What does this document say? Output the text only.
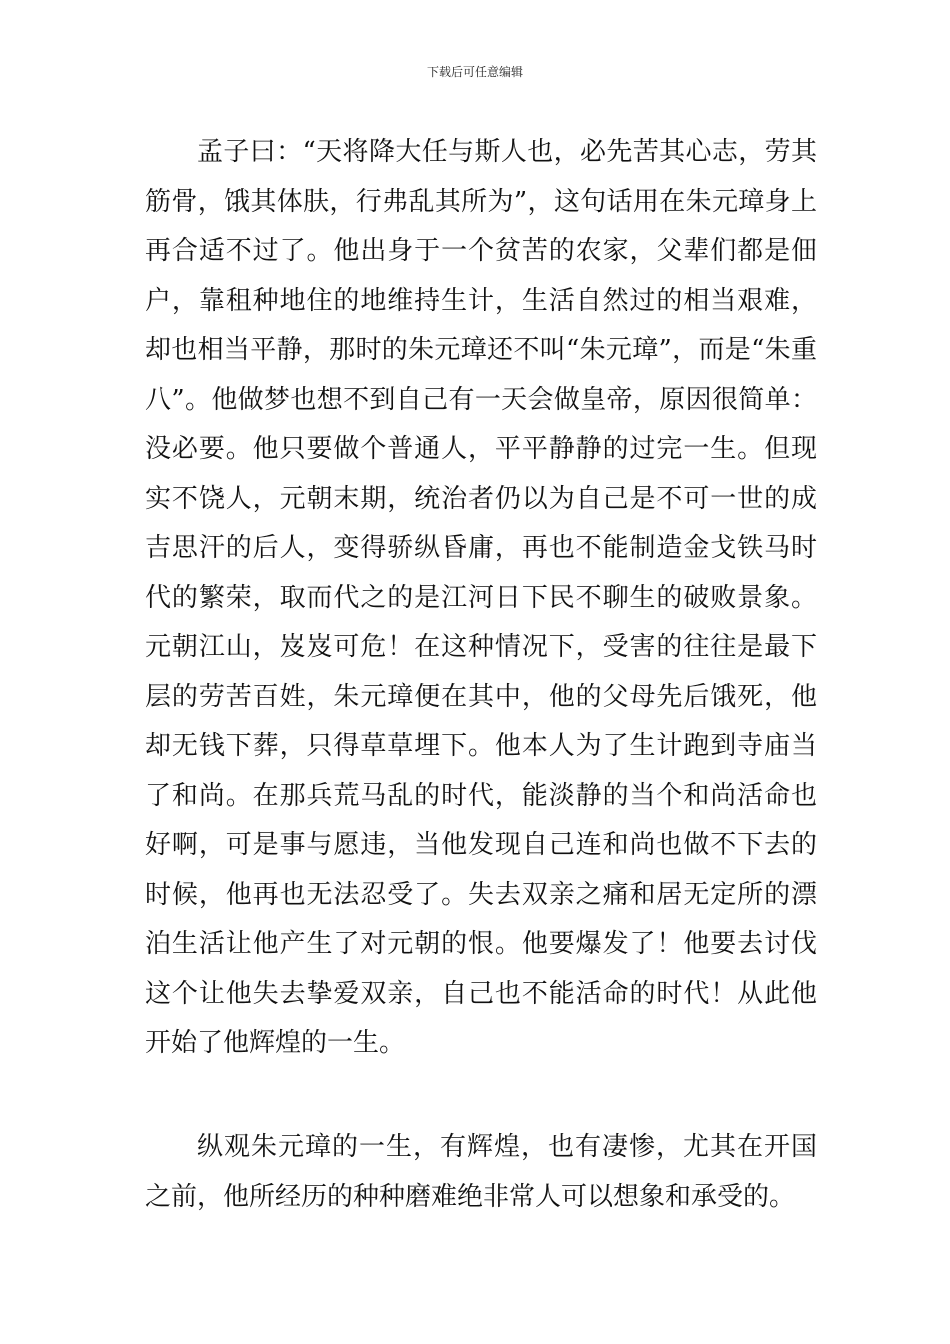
下载后可任意编辑

孟子曰：“天将降大任与斯人也，必先苦其心志，劳其筋骨，饿其体肤，行弗乱其所为”，这句话用在朱元璋身上再合适不过了。他出身于一个贫苦的农家，父辈们都是佃户，靠租种地住的地维持生计，生活自然过的相当艰难，却也相当平静，那时的朱元璋还不叫“朱元璋”，而是“朱重八”。他做梦也想不到自己有一天会做皇帝，原因很简单：没必要。他只要做个普通人，平平静静的过完一生。但现实不饶人，元朝末期，统治者仍以为自己是不可一世的成吉思汗的后人，变得骄纵昏庸，再也不能制造金戈铁马时代的繁荣，取而代之的是江河日下民不聊生的破败景象。元朝江山，岌岌可危！在这种情况下，受害的往往是最下层的劳苦百姓，朱元璋便在其中，他的父母先后饿死，他却无钱下葬，只得草草埋下。他本人为了生计跑到寺庙当了和尚。在那兵荒马乱的时代，能淡静的当个和尚活命也好啊，可是事与愿违，当他发现自己连和尚也做不下去的时候，他再也无法忍受了。失去双亲之痛和居无定所的漂泊生活让他产生了对元朝的恨。他要爆发了！他要去讨伐这个让他失去挚爱双亲，自己也不能活命的时代！从此他开始了他辉煌的一生。

纵观朱元璋的一生，有辉煌，也有凄惨，尤其在开国之前，他所经历的种种磨难绝非常人可以想象和承受的。
